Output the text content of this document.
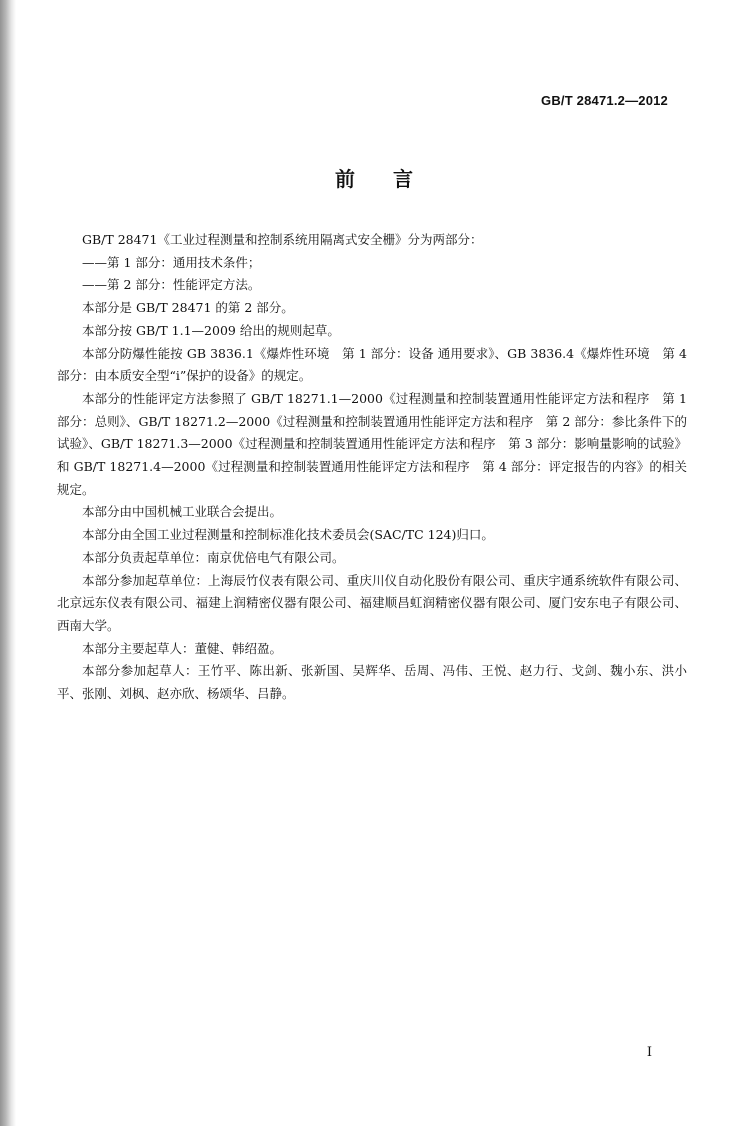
GB/T 28471.2—2012
前言

GB/T 28471《工业过程测量和控制系统用隔离式安全栅》分为两部分：

——第 1 部分：通用技术条件；

——第 2 部分：性能评定方法。

本部分是 GB/T 28471 的第 2 部分。

本部分按 GB/T 1.1—2009 给出的规则起草。

本部分防爆性能按 GB 3836.1《爆炸性环境　第 1 部分：设备 通用要求》、GB 3836.4《爆炸性环境　第 4 部分：由本质安全型“i”保护的设备》的规定。

本部分的性能评定方法参照了 GB/T 18271.1—2000《过程测量和控制装置通用性能评定方法和程序　第 1 部分：总则》、GB/T 18271.2—2000《过程测量和控制装置通用性能评定方法和程序　第 2 部分：参比条件下的试验》、GB/T 18271.3—2000《过程测量和控制装置通用性能评定方法和程序　第 3 部分：影响量影响的试验》和 GB/T 18271.4—2000《过程测量和控制装置通用性能评定方法和程序　第 4 部分：评定报告的内容》的相关规定。

本部分由中国机械工业联合会提出。

本部分由全国工业过程测量和控制标准化技术委员会(SAC/TC 124)归口。

本部分负责起草单位：南京优倍电气有限公司。

本部分参加起草单位：上海辰竹仪表有限公司、重庆川仪自动化股份有限公司、重庆宇通系统软件有限公司、北京远东仪表有限公司、福建上润精密仪器有限公司、福建顺昌虹润精密仪器有限公司、厦门安东电子有限公司、西南大学。

本部分主要起草人：董健、韩绍盈。

本部分参加起草人：王竹平、陈出新、张新国、吴辉华、岳周、冯伟、王悦、赵力行、戈剑、魏小东、洪小平、张刚、刘枫、赵亦欣、杨颂华、吕静。

I
